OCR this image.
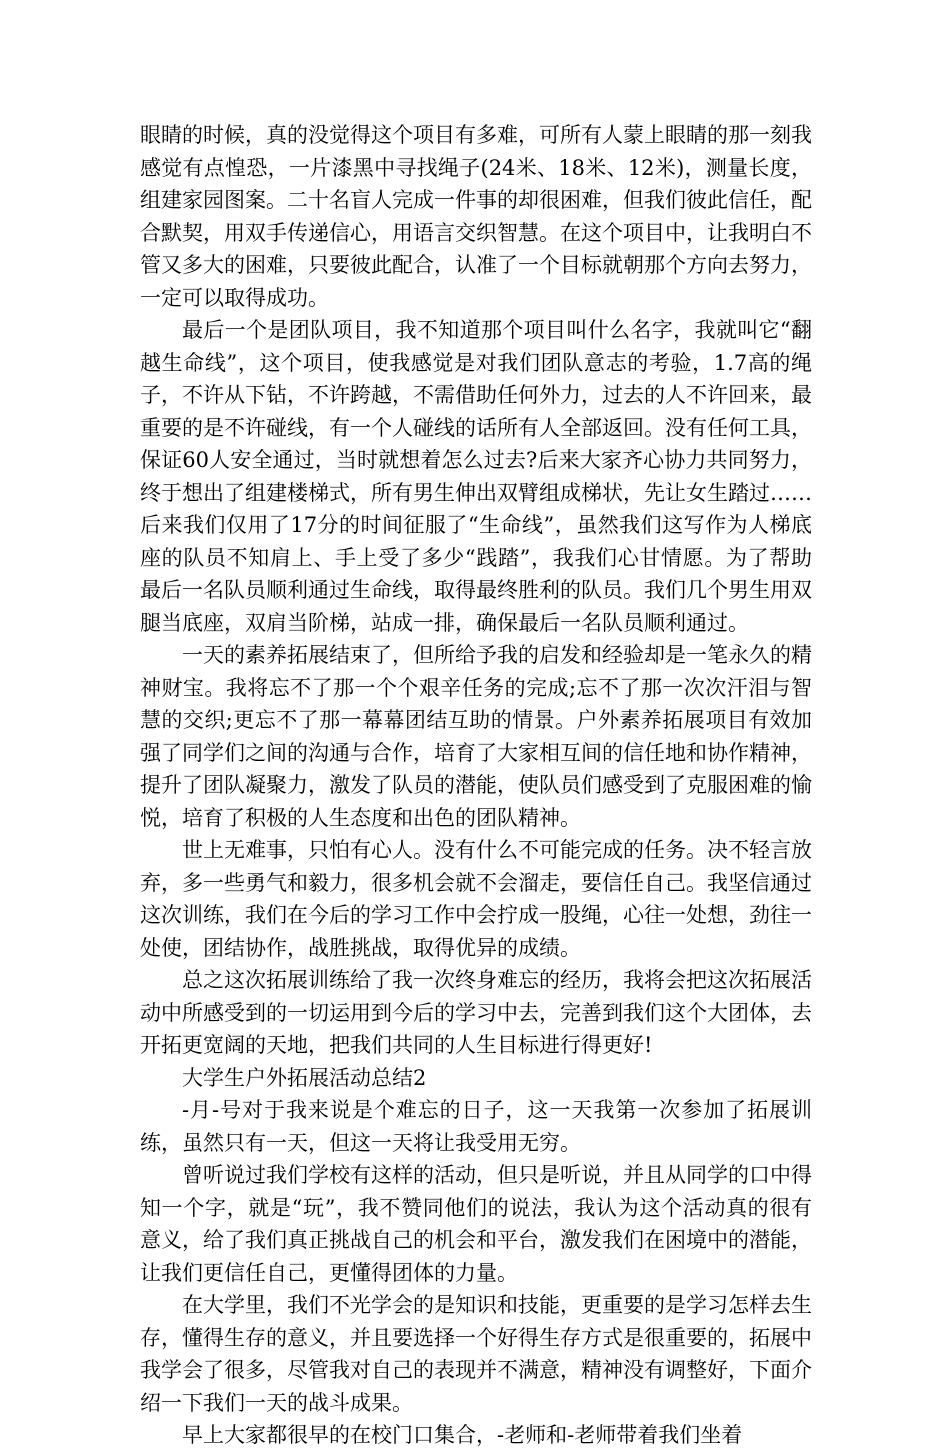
眼睛的时候，真的没觉得这个项目有多难，可所有人蒙上眼睛的那一刻我感觉有点惶恐，一片漆黑中寻找绳子(24米、18米、12米)，测量长度，组建家园图案。二十名盲人完成一件事的却很困难，但我们彼此信任，配合默契，用双手传递信心，用语言交织智慧。在这个项目中，让我明白不管又多大的困难，只要彼此配合，认准了一个目标就朝那个方向去努力，一定可以取得成功。

最后一个是团队项目，我不知道那个项目叫什么名字，我就叫它“翻越生命线”，这个项目，使我感觉是对我们团队意志的考验，1.7高的绳子，不许从下钻，不许跨越，不需借助任何外力，过去的人不许回来，最重要的是不许碰线，有一个人碰线的话所有人全部返回。没有任何工具，保证60人安全通过，当时就想着怎么过去?后来大家齐心协力共同努力，终于想出了组建楼梯式，所有男生伸出双臂组成梯状，先让女生踏过……后来我们仅用了17分的时间征服了“生命线”，虽然我们这写作为人梯底座的队员不知肩上、手上受了多少“践踏”，我我们心甘情愿。为了帮助最后一名队员顺利通过生命线，取得最终胜利的队员。我们几个男生用双腿当底座，双肩当阶梯，站成一排，确保最后一名队员顺利通过。

一天的素养拓展结束了，但所给予我的启发和经验却是一笔永久的精神财宝。我将忘不了那一个个艰辛任务的完成;忘不了那一次次汗泪与智慧的交织;更忘不了那一幕幕团结互助的情景。户外素养拓展项目有效加强了同学们之间的沟通与合作，培育了大家相互间的信任地和协作精神，提升了团队凝聚力，激发了队员的潜能，使队员们感受到了克服困难的愉悦，培育了积极的人生态度和出色的团队精神。

世上无难事，只怕有心人。没有什么不可能完成的任务。决不轻言放弃，多一些勇气和毅力，很多机会就不会溜走，要信任自己。我坚信通过这次训练，我们在今后的学习工作中会拧成一股绳，心往一处想，劲往一处使，团结协作，战胜挑战，取得优异的成绩。

总之这次拓展训练给了我一次终身难忘的经历，我将会把这次拓展活动中所感受到的一切运用到今后的学习中去，完善到我们这个大团体，去开拓更宽阔的天地，把我们共同的人生目标进行得更好!

大学生户外拓展活动总结2

-月-号对于我来说是个难忘的日子，这一天我第一次参加了拓展训练，虽然只有一天，但这一天将让我受用无穷。

曾听说过我们学校有这样的活动，但只是听说，并且从同学的口中得知一个字，就是“玩”，我不赞同他们的说法，我认为这个活动真的很有意义，给了我们真正挑战自己的机会和平台，激发我们在困境中的潜能，让我们更信任自己，更懂得团体的力量。

在大学里，我们不光学会的是知识和技能，更重要的是学习怎样去生存，懂得生存的意义，并且要选择一个好得生存方式是很重要的，拓展中我学会了很多，尽管我对自己的表现并不满意，精神没有调整好，下面介绍一下我们一天的战斗成果。

早上大家都很早的在校门口集合，-老师和-老师带着我们坐着
